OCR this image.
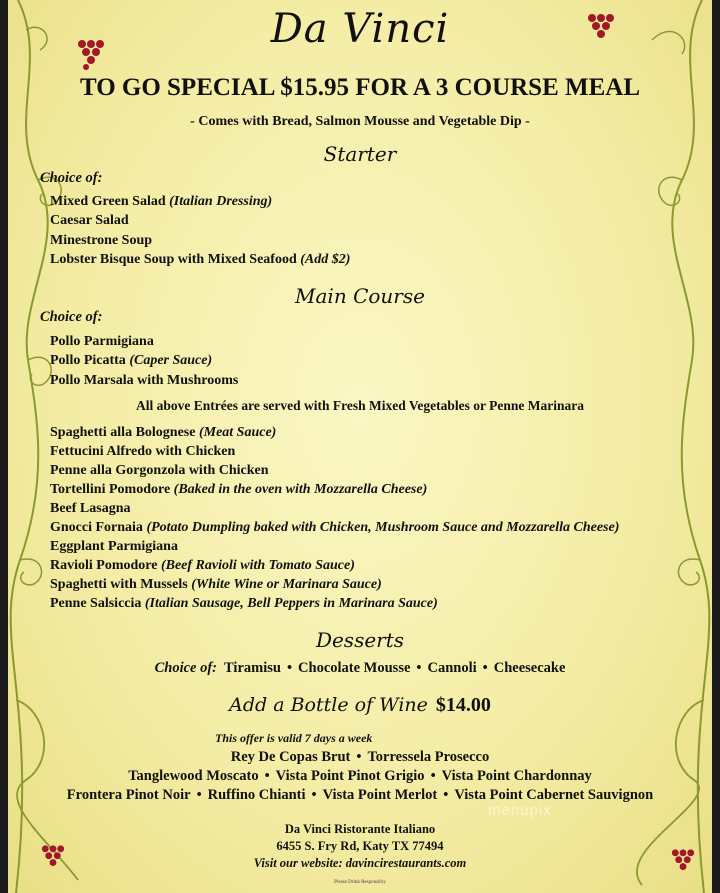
Da Vinci
TO GO SPECIAL $15.95 FOR A 3 COURSE MEAL
- Comes with Bread, Salmon Mousse and Vegetable Dip -
Starter
Choice of:
Mixed Green Salad (Italian Dressing)
Caesar Salad
Minestrone Soup
Lobster Bisque Soup with Mixed Seafood (Add $2)
Main Course
Choice of:
Pollo Parmigiana
Pollo Picatta (Caper Sauce)
Pollo Marsala with Mushrooms
All above Entrées are served with Fresh Mixed Vegetables or Penne Marinara
Spaghetti alla Bolognese (Meat Sauce)
Fettucini Alfredo with Chicken
Penne alla Gorgonzola with Chicken
Tortellini Pomodore (Baked in the oven with Mozzarella Cheese)
Beef Lasagna
Gnocci Fornaia (Potato Dumpling baked with Chicken, Mushroom Sauce and Mozzarella Cheese)
Eggplant Parmigiana
Ravioli Pomodore (Beef Ravioli with Tomato Sauce)
Spaghetti with Mussels (White Wine or Marinara Sauce)
Penne Salsiccia (Italian Sausage, Bell Peppers in Marinara Sauce)
Desserts
Choice of: Tiramisu • Chocolate Mousse • Cannoli • Cheesecake
Add a Bottle of Wine $14.00
This offer is valid 7 days a week
Rey De Copas Brut • Torressela Prosecco
Tanglewood Moscato • Vista Point Pinot Grigio • Vista Point Chardonnay
Frontera Pinot Noir • Ruffino Chianti • Vista Point Merlot • Vista Point Cabernet Sauvignon
Da Vinci Ristorante Italiano
6455 S. Fry Rd, Katy TX 77494
Visit our website: davincirestaurants.com
Please Drink Responsibly
menupix
